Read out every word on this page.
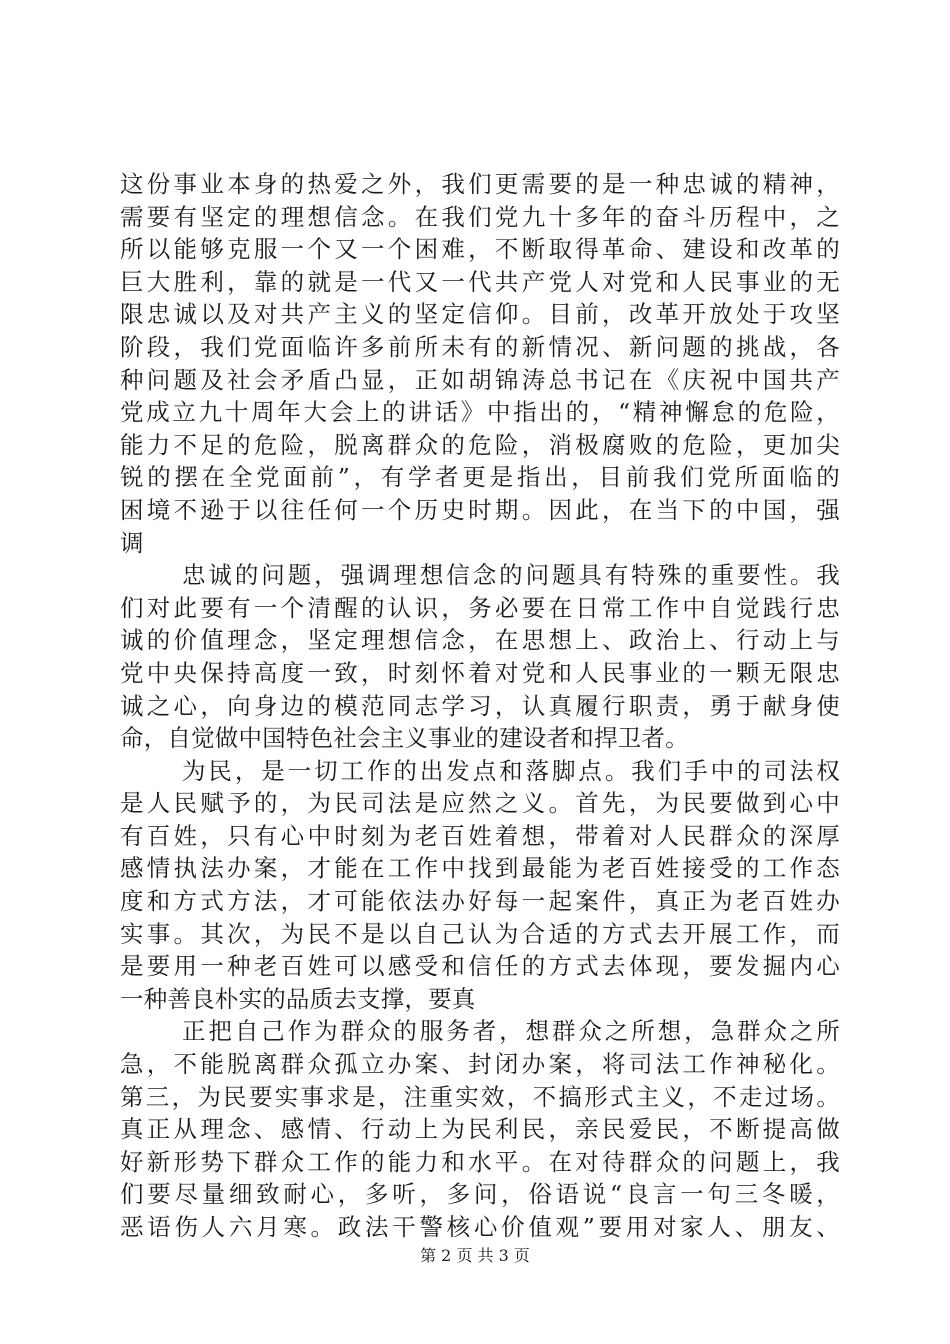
这份事业本身的热爱之外，我们更需要的是一种忠诚的精神，
需要有坚定的理想信念。在我们党九十多年的奋斗历程中，之
所以能够克服一个又一个困难，不断取得革命、建设和改革的
巨大胜利，靠的就是一代又一代共产党人对党和人民事业的无
限忠诚以及对共产主义的坚定信仰。目前，改革开放处于攻坚
阶段，我们党面临许多前所未有的新情况、新问题的挑战，各
种问题及社会矛盾凸显，正如胡锦涛总书记在《庆祝中国共产
党成立九十周年大会上的讲话》中指出的，“精神懈怠的危险，
能力不足的危险，脱离群众的危险，消极腐败的危险，更加尖
锐的摆在全党面前”，有学者更是指出，目前我们党所面临的
困境不逊于以往任何一个历史时期。因此，在当下的中国，强
调
忠诚的问题，强调理想信念的问题具有特殊的重要性。我
们对此要有一个清醒的认识，务必要在日常工作中自觉践行忠
诚的价值理念，坚定理想信念，在思想上、政治上、行动上与
党中央保持高度一致，时刻怀着对党和人民事业的一颗无限忠
诚之心，向身边的模范同志学习，认真履行职责，勇于献身使
命，自觉做中国特色社会主义事业的建设者和捍卫者。
为民，是一切工作的出发点和落脚点。我们手中的司法权
是人民赋予的，为民司法是应然之义。首先，为民要做到心中
有百姓，只有心中时刻为老百姓着想，带着对人民群众的深厚
感情执法办案，才能在工作中找到最能为老百姓接受的工作态
度和方式方法，才可能依法办好每一起案件，真正为老百姓办
实事。其次，为民不是以自己认为合适的方式去开展工作，而
是要用一种老百姓可以感受和信任的方式去体现，要发掘内心
一种善良朴实的品质去支撑，要真
正把自己作为群众的服务者，想群众之所想，急群众之所
急，不能脱离群众孤立办案、封闭办案，将司法工作神秘化。
第三，为民要实事求是，注重实效，不搞形式主义，不走过场。
真正从理念、感情、行动上为民利民，亲民爱民，不断提高做
好新形势下群众工作的能力和水平。在对待群众的问题上，我
们要尽量细致耐心，多听，多问，俗语说“良言一句三冬暖，
恶语伤人六月寒。政法干警核心价值观”要用对家人、朋友、
第 2 页 共 3 页
